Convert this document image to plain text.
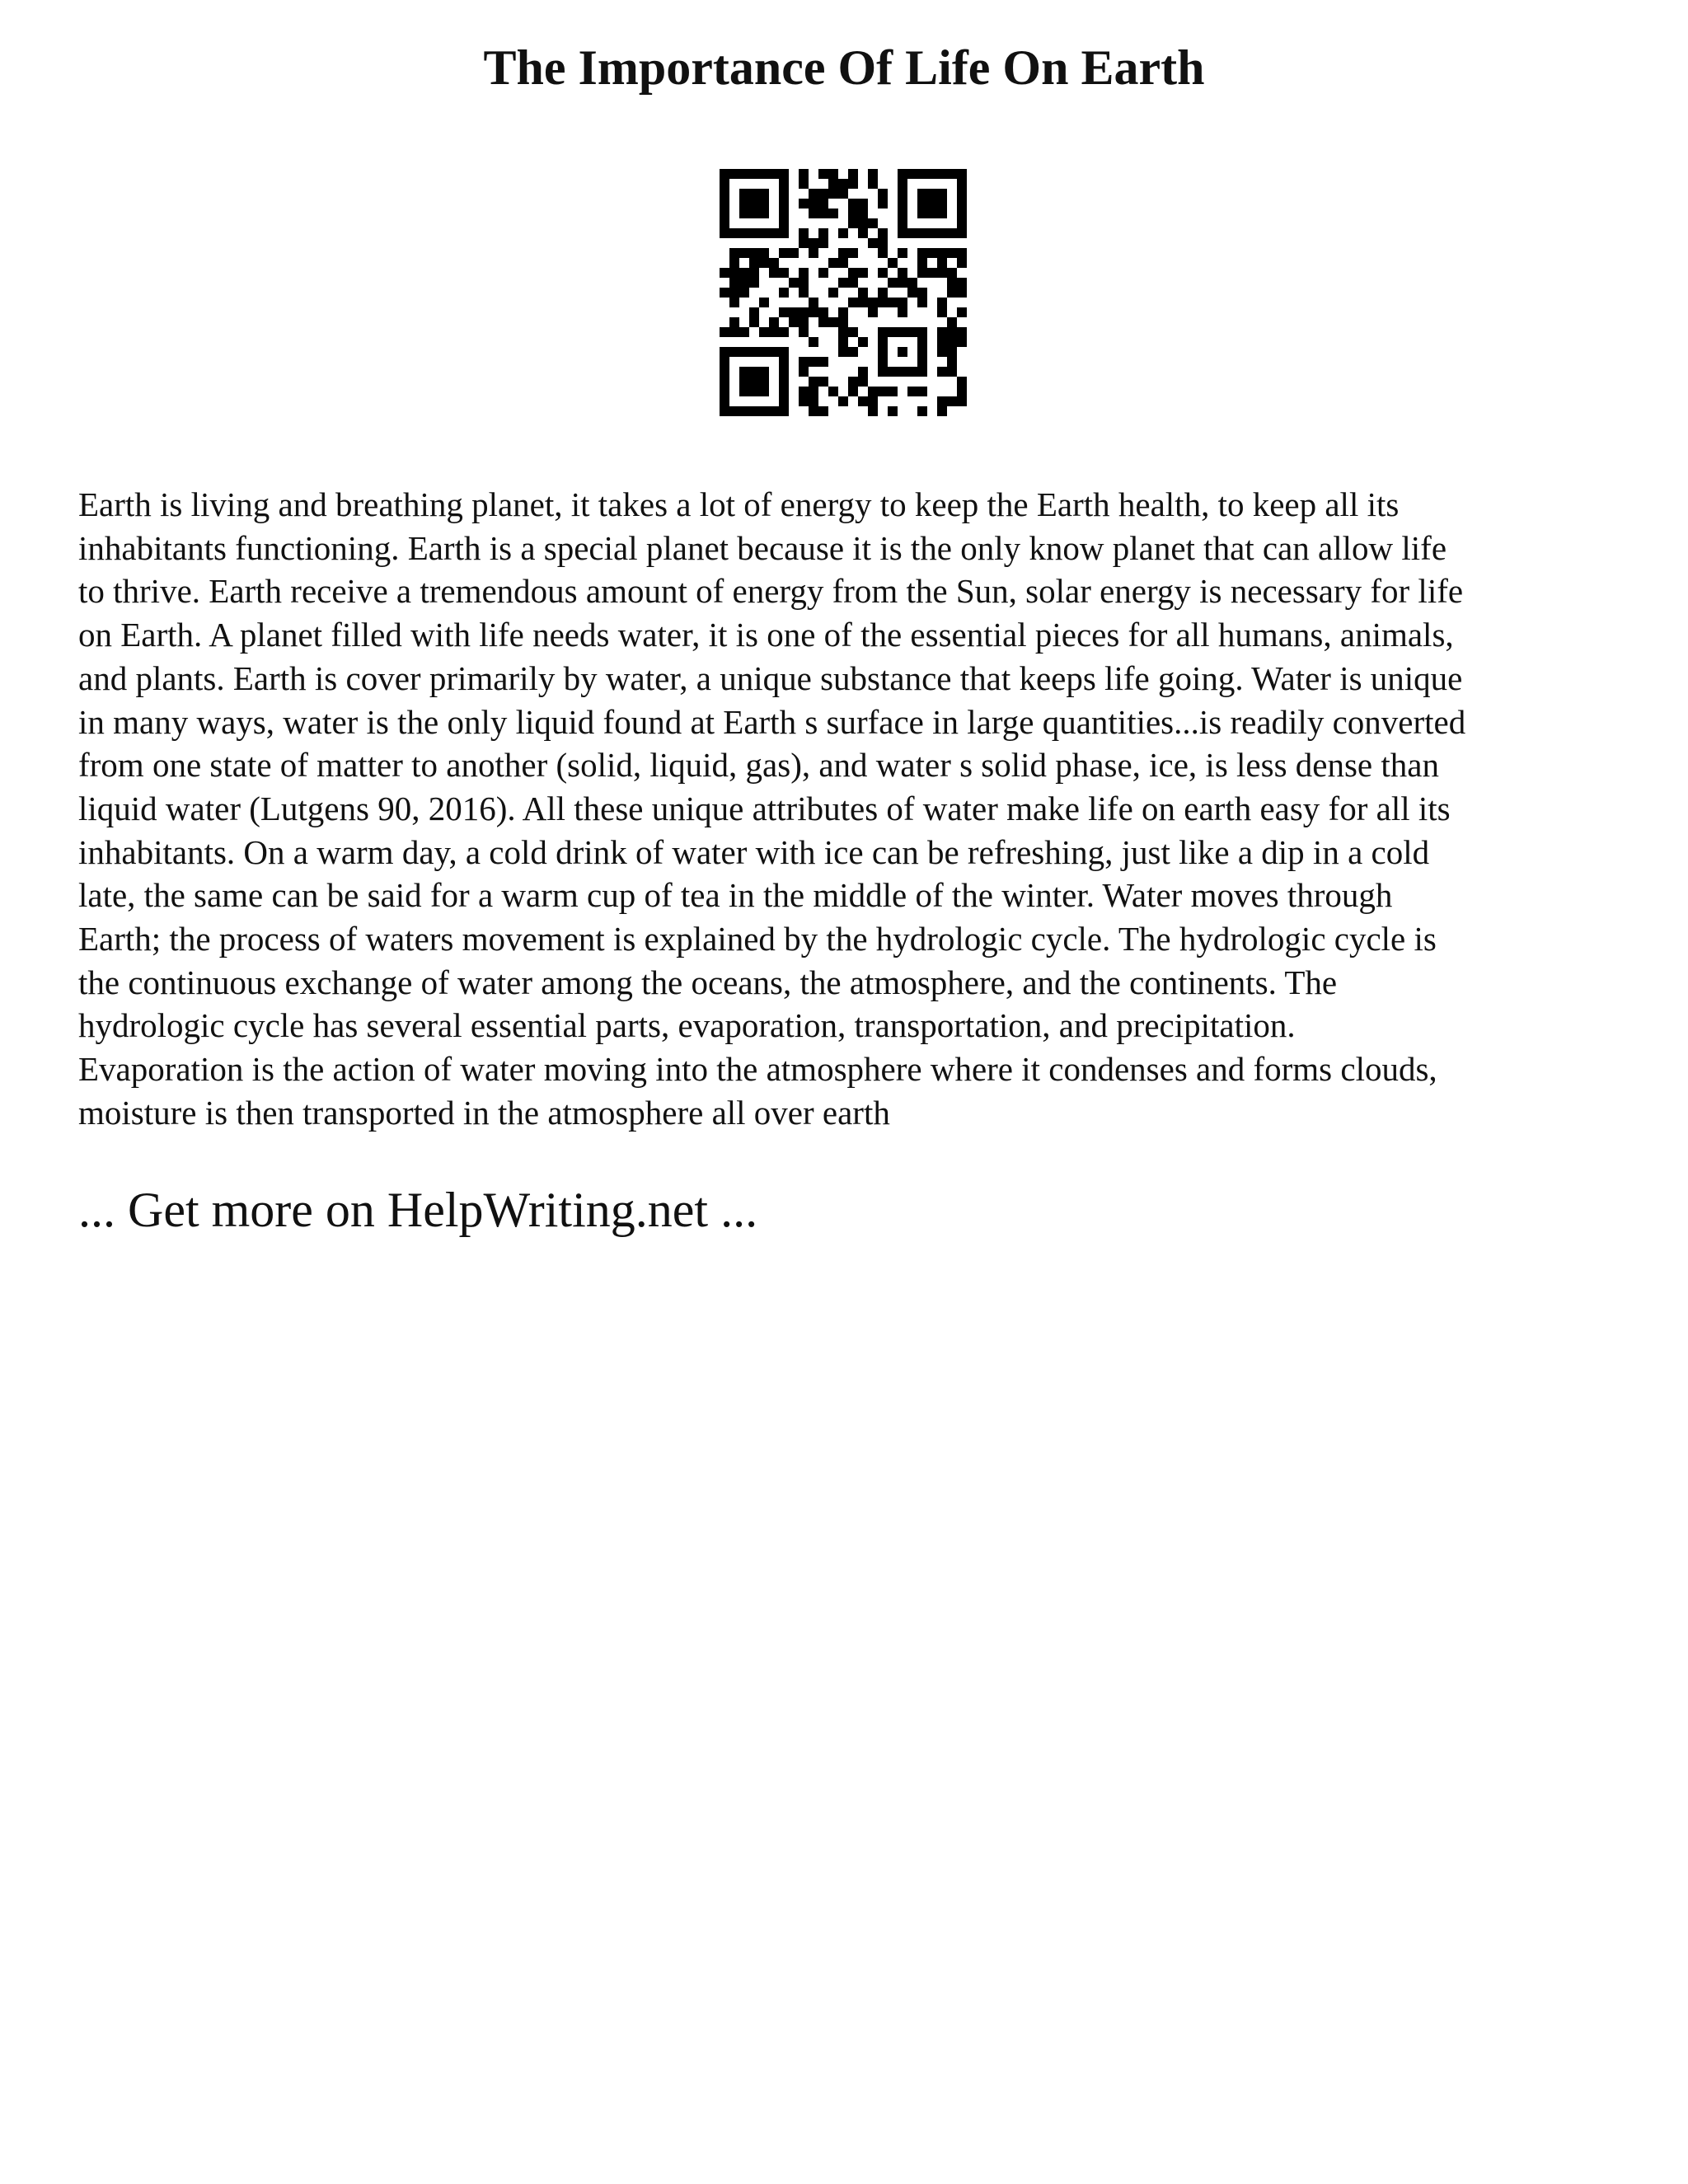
The Importance Of Life On Earth

Earth is living and breathing planet, it takes a lot of energy to keep the Earth health, to keep all its
inhabitants functioning. Earth is a special planet because it is the only know planet that can allow life
to thrive. Earth receive a tremendous amount of energy from the Sun, solar energy is necessary for life
on Earth. A planet filled with life needs water, it is one of the essential pieces for all humans, animals,
and plants. Earth is cover primarily by water, a unique substance that keeps life going. Water is unique
in many ways, water is the only liquid found at Earth s surface in large quantities...is readily converted
from one state of matter to another (solid, liquid, gas), and water s solid phase, ice, is less dense than
liquid water (Lutgens 90, 2016). All these unique attributes of water make life on earth easy for all its
inhabitants. On a warm day, a cold drink of water with ice can be refreshing, just like a dip in a cold
late, the same can be said for a warm cup of tea in the middle of the winter. Water moves through
Earth; the process of waters movement is explained by the hydrologic cycle. The hydrologic cycle is
the continuous exchange of water among the oceans, the atmosphere, and the continents. The
hydrologic cycle has several essential parts, evaporation, transportation, and precipitation.
Evaporation is the action of water moving into the atmosphere where it condenses and forms clouds,
moisture is then transported in the atmosphere all over earth

... Get more on HelpWriting.net ...
